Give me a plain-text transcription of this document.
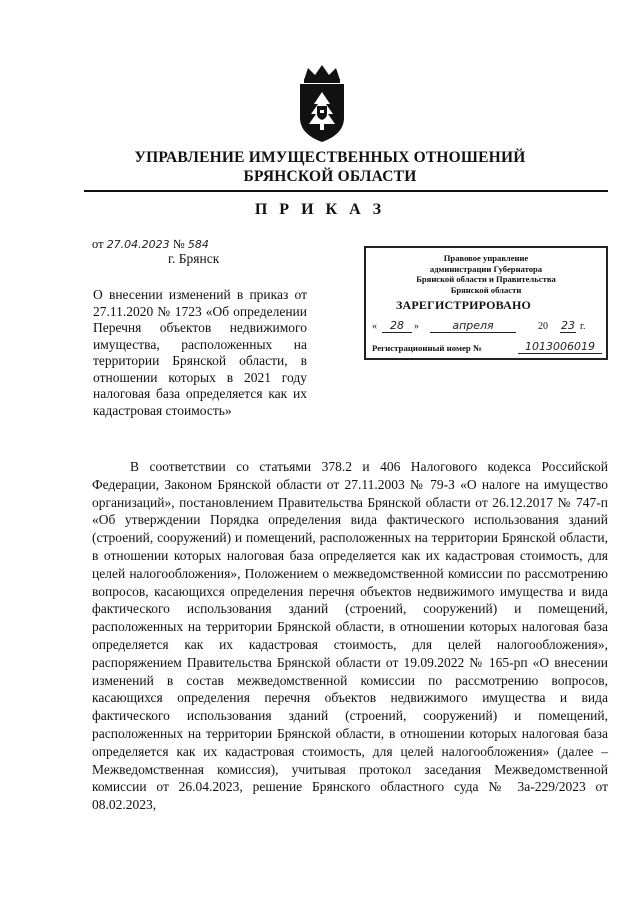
УПРАВЛЕНИЕ ИМУЩЕСТВЕННЫХ ОТНОШЕНИЙ
БРЯНСКОЙ ОБЛАСТИ
П Р И К А З
от 27.04.2023 № 584
г. Брянск
О внесении изменений в приказ от 27.11.2020 № 1723 «Об определении Перечня объектов недвижимого имущества, расположенных на территории Брянской области, в отношении которых в 2021 году налоговая база определяется как их кадастровая стоимость»
Правовое управление
администрации Губернатора
Брянской области и Правительства
Брянской области
ЗАРЕГИСТРИРОВАНО
«	28	»	апреля	20 23 г.
Регистрационный номер №	1013006019

В соответствии со статьями 378.2 и 406 Налогового кодекса Российской Федерации, Законом Брянской области от 27.11.2003 № 79-З «О налоге на имущество организаций», постановлением Правительства Брянской области от 26.12.2017 № 747-п «Об утверждении Порядка определения вида фактического использования зданий (строений, сооружений) и помещений, расположенных на территории Брянской области, в отношении которых налоговая база определяется как их кадастровая стоимость, для целей налогообложения», Положением о межведомственной комиссии по рассмотрению вопросов, касающихся определения перечня объектов недвижимого имущества и вида фактического использования зданий (строений, сооружений) и помещений, расположенных на территории Брянской области, в отношении которых налоговая база определяется как их кадастровая стоимость, для целей налогообложения», распоряжением Правительства Брянской области от 19.09.2022 № 165-рп «О внесении изменений в состав межведомственной комиссии по рассмотрению вопросов, касающихся определения перечня объектов недвижимого имущества и вида фактического использования зданий (строений, сооружений) и помещений, расположенных на территории Брянской области, в отношении которых налоговая база определяется как их кадастровая стоимость, для целей налогообложения» (далее – Межведомственная комиссия), учитывая протокол заседания Межведомственной комиссии от 26.04.2023, решение Брянского областного суда № 3а-229/2023 от 08.02.2023,
